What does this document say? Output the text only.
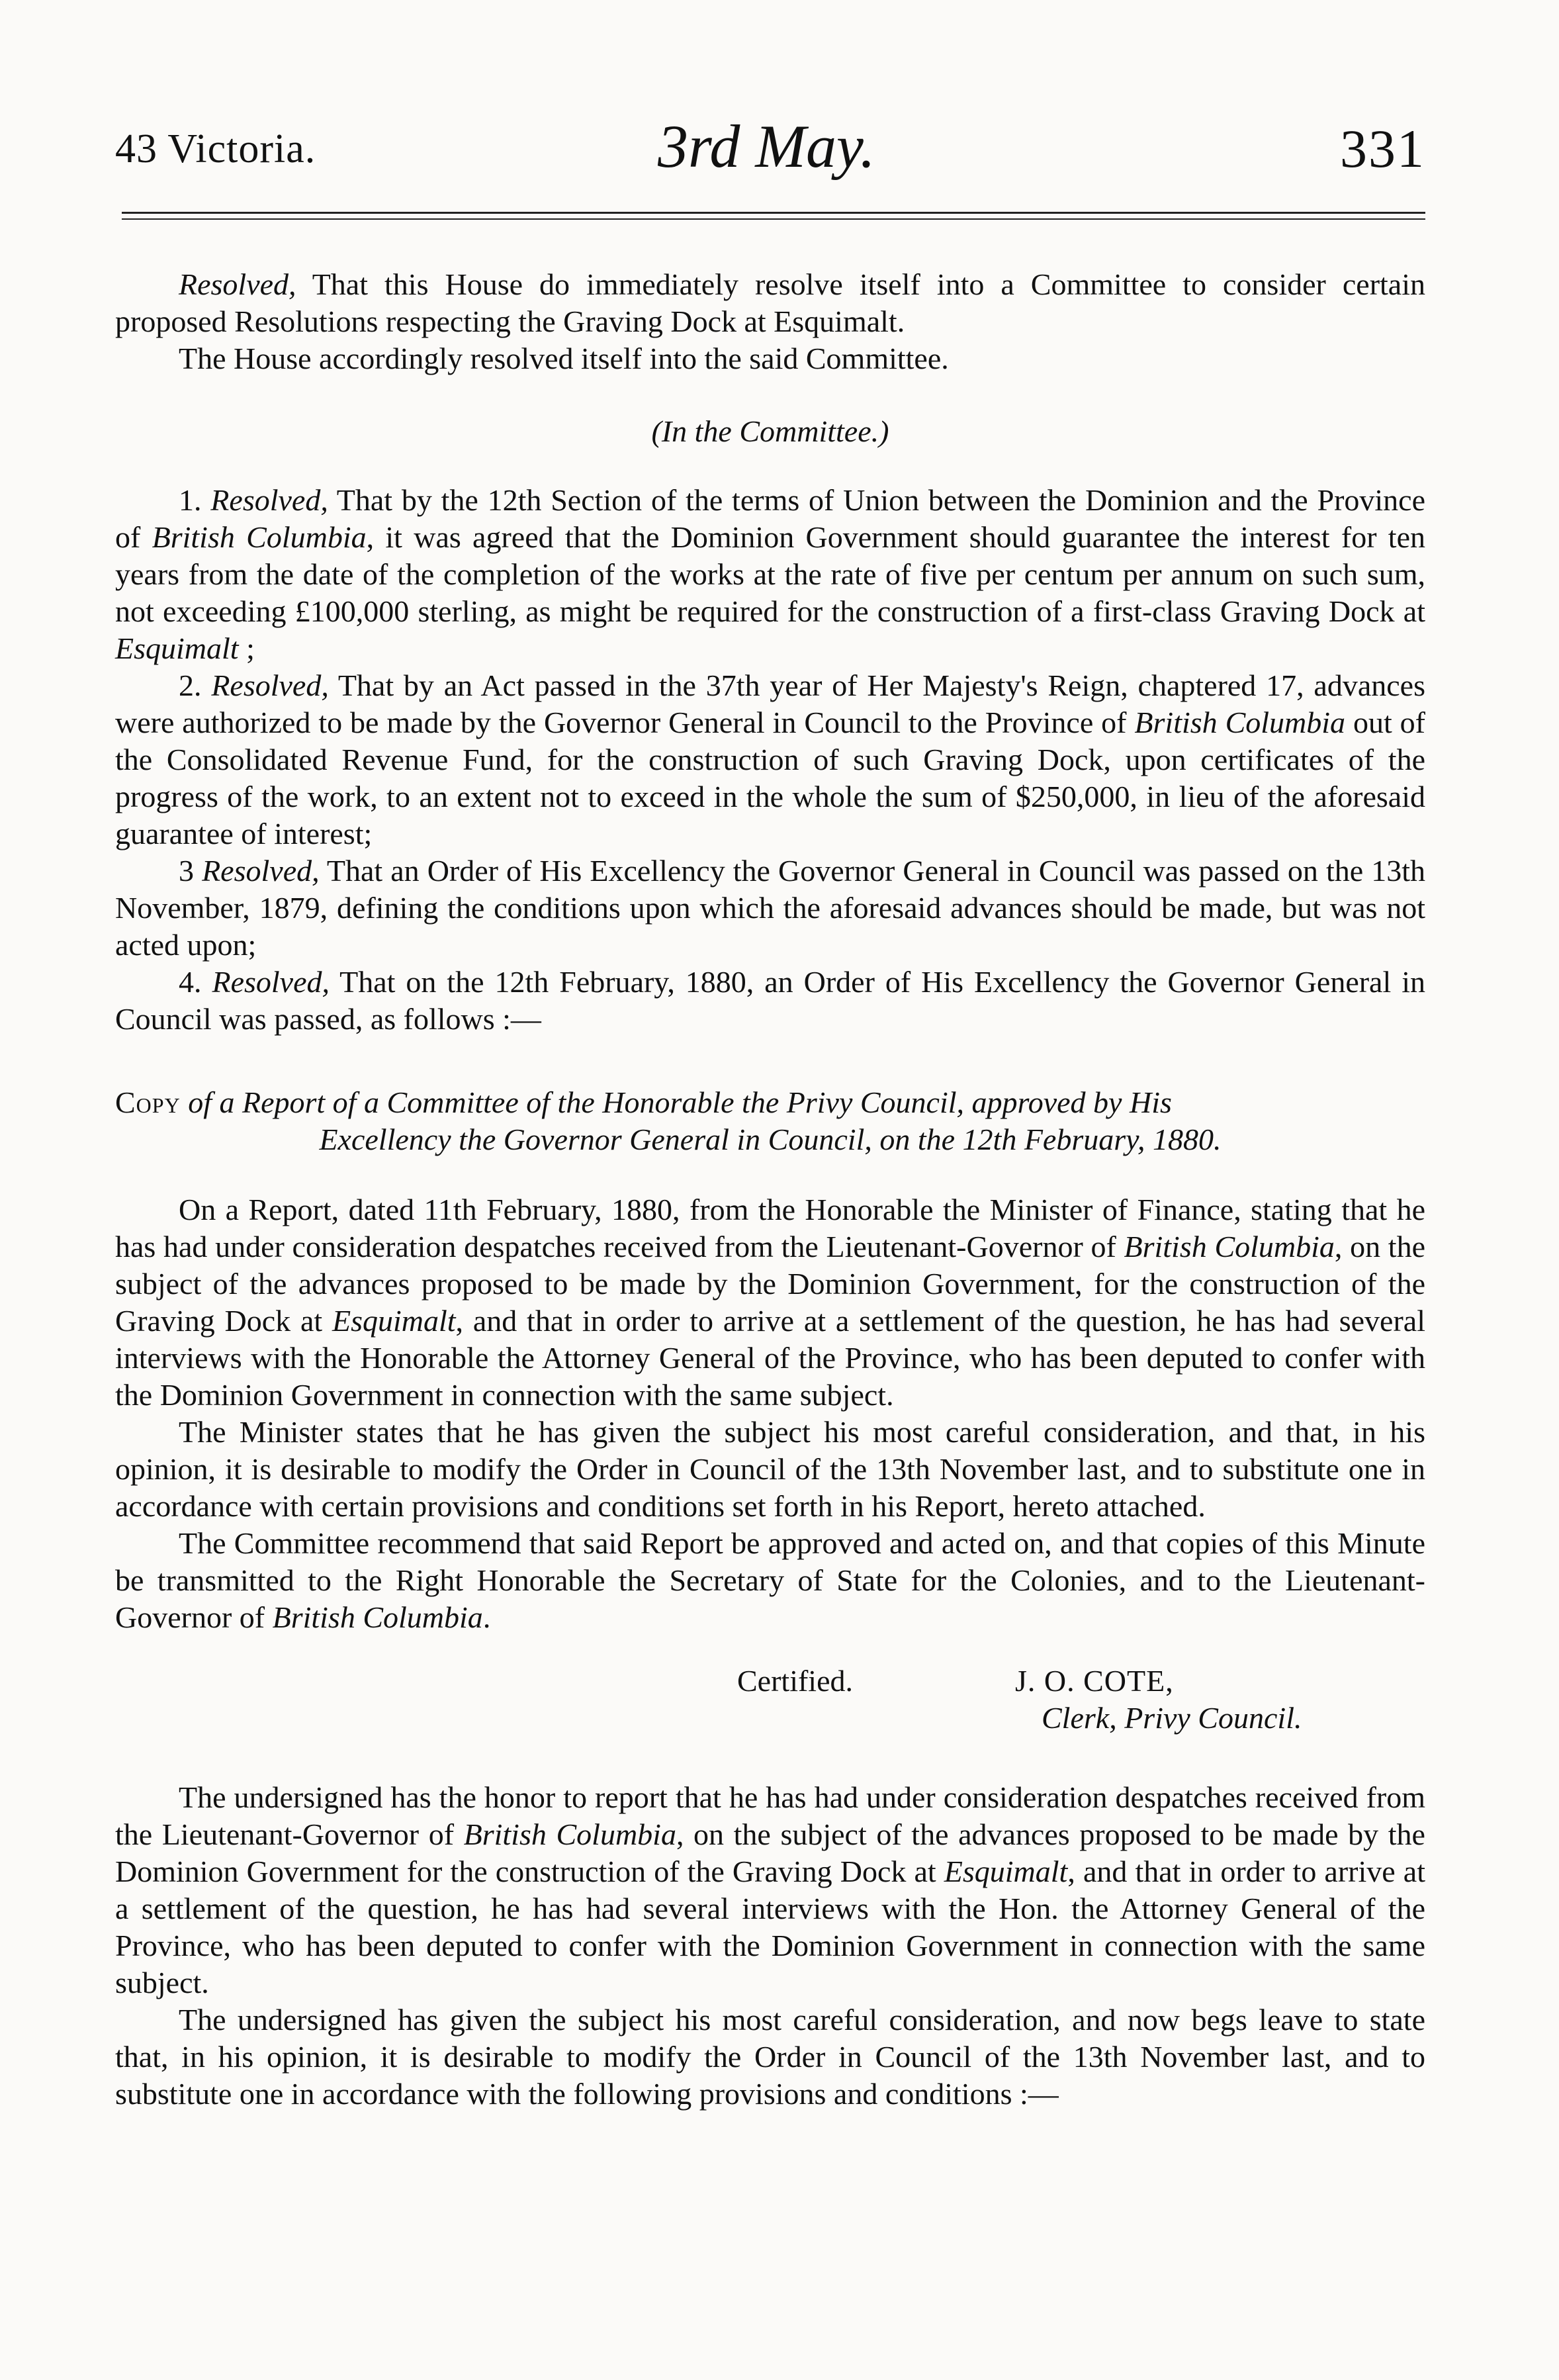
43 Victoria.	3rd May.	331

Resolved, That this House do immediately resolve itself into a Committee to consider certain proposed Resolutions respecting the Graving Dock at Esquimalt.

The House accordingly resolved itself into the said Committee.

(In the Committee.)

1. Resolved, That by the 12th Section of the terms of Union between the Dominion and the Province of British Columbia, it was agreed that the Dominion Government should guarantee the interest for ten years from the date of the completion of the works at the rate of five per centum per annum on such sum, not exceeding £100,000 sterling, as might be required for the construction of a first-class Graving Dock at Esquimalt ;

2. Resolved, That by an Act passed in the 37th year of Her Majesty's Reign, chaptered 17, advances were authorized to be made by the Governor General in Council to the Province of British Columbia out of the Consolidated Revenue Fund, for the construction of such Graving Dock, upon certificates of the progress of the work, to an extent not to exceed in the whole the sum of $250,000, in lieu of the aforesaid guarantee of interest;

3 Resolved, That an Order of His Excellency the Governor General in Council was passed on the 13th November, 1879, defining the conditions upon which the aforesaid advances should be made, but was not acted upon;

4. Resolved, That on the 12th February, 1880, an Order of His Excellency the Governor General in Council was passed, as follows :—

Copy of a Report of a Committee of the Honorable the Privy Council, approved by His

Excellency the Governor General in Council, on the 12th February, 1880.

On a Report, dated 11th February, 1880, from the Honorable the Minister of Finance, stating that he has had under consideration despatches received from the Lieutenant-Governor of British Columbia, on the subject of the advances proposed to be made by the Dominion Government, for the construction of the Graving Dock at Esquimalt, and that in order to arrive at a settlement of the question, he has had several interviews with the Honorable the Attorney General of the Province, who has been deputed to confer with the Dominion Government in connection with the same subject.

The Minister states that he has given the subject his most careful consideration, and that, in his opinion, it is desirable to modify the Order in Council of the 13th November last, and to substitute one in accordance with certain provisions and conditions set forth in his Report, hereto attached.

The Committee recommend that said Report be approved and acted on, and that copies of this Minute be transmitted to the Right Honorable the Secretary of State for the Colonies, and to the Lieutenant-Governor of British Columbia.

Certified.	J. O. COTE,
Clerk, Privy Council.

The undersigned has the honor to report that he has had under consideration despatches received from the Lieutenant-Governor of British Columbia, on the subject of the advances proposed to be made by the Dominion Government for the construction of the Graving Dock at Esquimalt, and that in order to arrive at a settlement of the question, he has had several interviews with the Hon. the Attorney General of the Province, who has been deputed to confer with the Dominion Government in connection with the same subject.

The undersigned has given the subject his most careful consideration, and now begs leave to state that, in his opinion, it is desirable to modify the Order in Council of the 13th November last, and to substitute one in accordance with the following provisions and conditions :—
